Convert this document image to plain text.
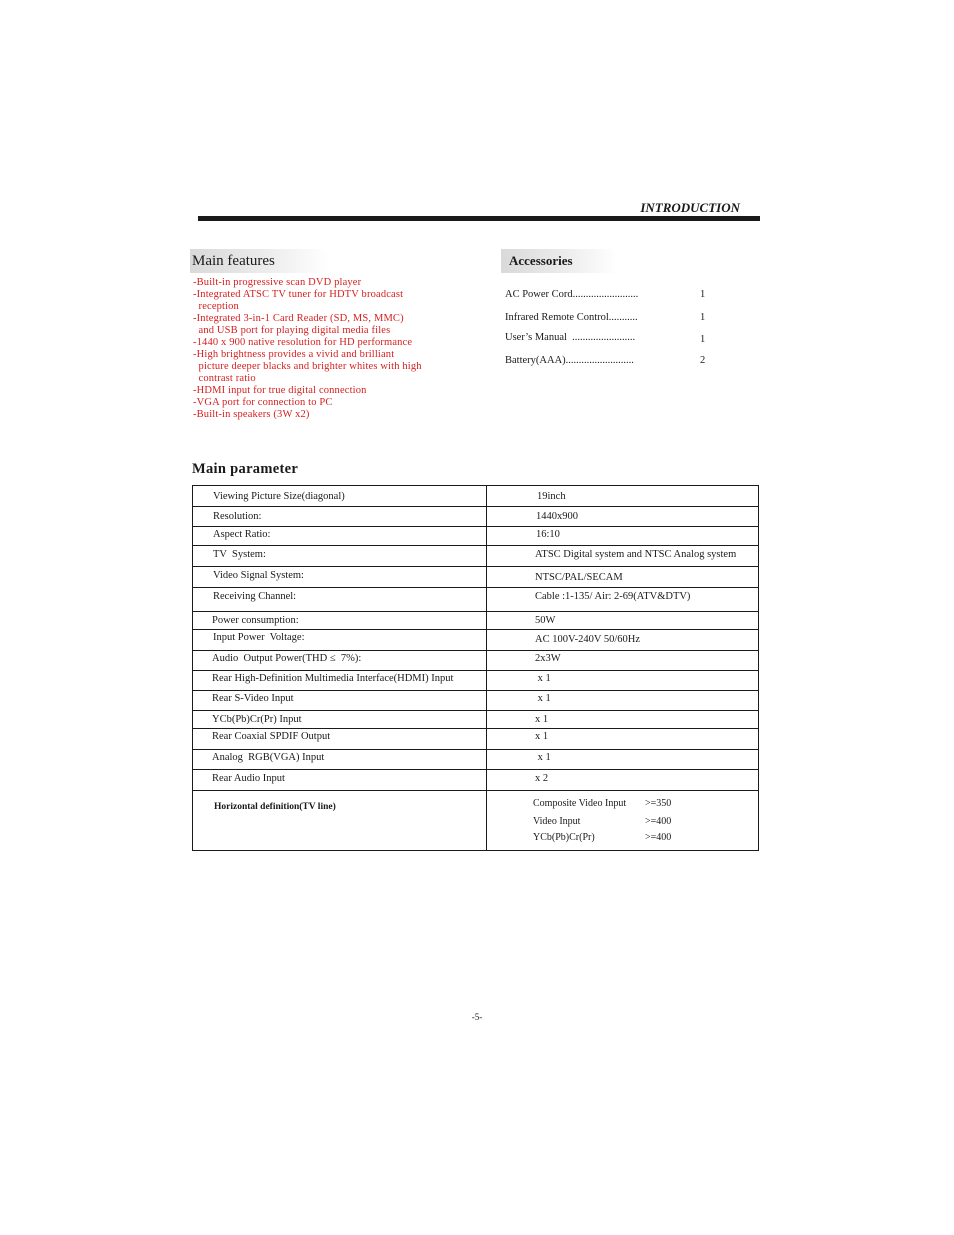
INTRODUCTION
Main features
-Built-in progressive scan DVD player
-Integrated ATSC TV tuner for HDTV broadcast
reception
-Integrated 3-in-1 Card Reader (SD, MS, MMC)
and USB port for playing digital media files
-1440 x 900 native resolution for HD performance
-High brightness provides a vivid and brilliant
picture deeper blacks and brighter whites with high
contrast ratio
-HDMI input for true digital connection
-VGA port for connection to PC
-Built-in speakers (3W x2)
Accessories
AC Power Cord.........................	1
Infrared Remote Control...........	1
User’s Manual  ........................	1
Battery(AAA)..........................	2
Main parameter
Viewing Picture Size(diagonal)	19inch
Resolution:	1440x900
Aspect Ratio:	16:10
TV  System:	ATSC Digital system and NTSC Analog system
Video Signal System:	NTSC/PAL/SECAM
Receiving Channel:	Cable :1-135/ Air: 2-69(ATV&DTV)
Power consumption:	50W
Input Power  Voltage:	AC 100V-240V 50/60Hz
Audio  Output Power(THD ≤  7%):	2x3W
Rear High-Definition Multimedia Interface(HDMI) Input	x 1
Rear S-Video Input	x 1
YCb(Pb)Cr(Pr) Input	x 1
Rear Coaxial SPDIF Output	x 1
Analog  RGB(VGA) Input	x 1
Rear Audio Input	x 2
Horizontal definition(TV line)	Composite Video Input >=350
Video Input	>=400
YCb(Pb)Cr(Pr)	>=400
-5-
